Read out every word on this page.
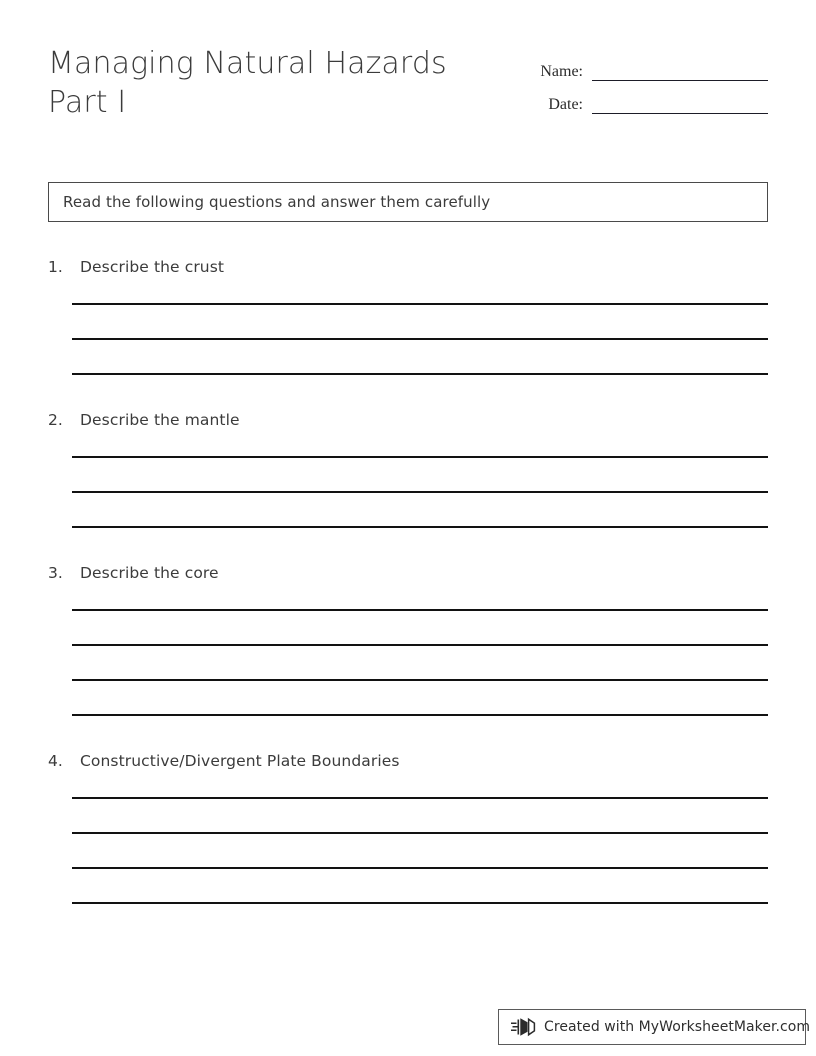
Managing Natural Hazards
Part I
Name:
Date:
Read the following questions and answer them carefully
1.	Describe the crust
2.	Describe the mantle
3.	Describe the core
4.	Constructive/Divergent Plate Boundaries
Created with MyWorksheetMaker.com
